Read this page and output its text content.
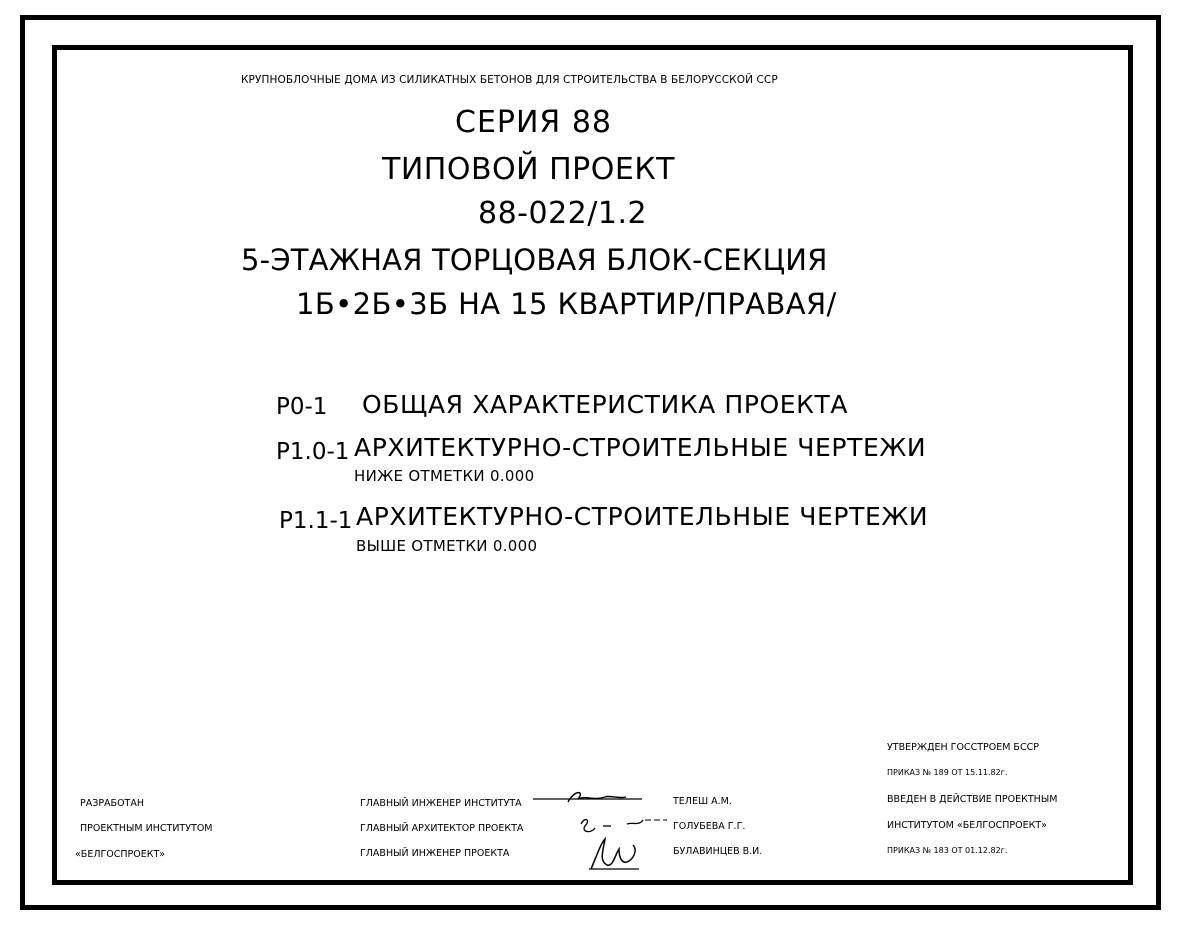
КРУПНОБЛОЧНЫЕ ДОМА ИЗ СИЛИКАТНЫХ БЕТОНОВ ДЛЯ СТРОИТЕЛЬСТВА В БЕЛОРУССКОЙ ССР
СЕРИЯ 88
ТИПОВОЙ ПРОЕКТ
88-022/1.2
5-ЭТАЖНАЯ ТОРЦОВАЯ БЛОК-СЕКЦИЯ
1Б•2Б•3Б НА 15 КВАРТИР/ПРАВАЯ/
Р0-1 ОБЩАЯ ХАРАКТЕРИСТИКА ПРОЕКТА
Р1.0-1 АРХИТЕКТУРНО-СТРОИТЕЛЬНЫЕ ЧЕРТЕЖИ
НИЖЕ ОТМЕТКИ 0.000
Р1.1-1 АРХИТЕКТУРНО-СТРОИТЕЛЬНЫЕ ЧЕРТЕЖИ
ВЫШЕ ОТМЕТКИ 0.000
РАЗРАБОТАН
ПРОЕКТНЫМ ИНСТИТУТОМ
«БЕЛГОСПРОЕКТ»
ГЛАВНЫЙ ИНЖЕНЕР ИНСТИТУТА	ТЕЛЕШ А.М.
ГЛАВНЫЙ АРХИТЕКТОР ПРОЕКТА	ГОЛУБЕВА Г.Г.
ГЛАВНЫЙ ИНЖЕНЕР ПРОЕКТА	БУЛАВИНЦЕВ В.И.
УТВЕРЖДЕН ГОССТРОЕМ БССР
ПРИКАЗ № 189 ОТ 15.11.82г.
ВВЕДЕН В ДЕЙСТВИЕ ПРОЕКТНЫМ
ИНСТИТУТОМ «БЕЛГОСПРОЕКТ»
ПРИКАЗ № 183 ОТ 01.12.82г.
